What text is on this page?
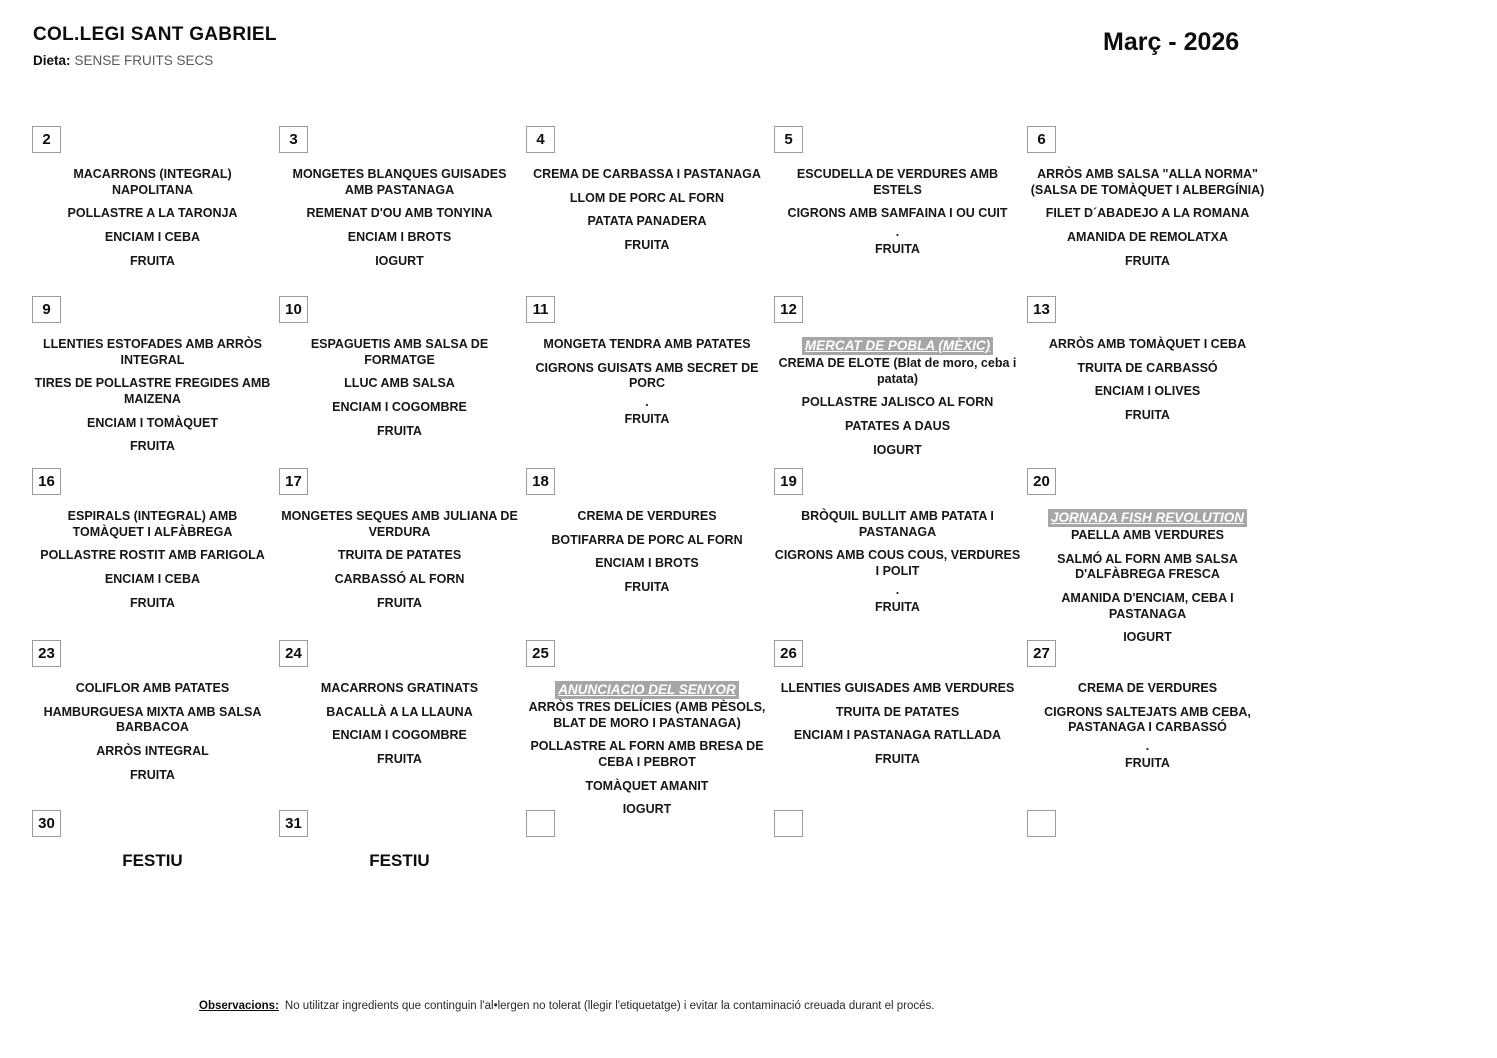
COL.LEGI SANT GABRIEL
Dieta: SENSE FRUITS SECS
Març - 2026
2
MACARRONS (INTEGRAL) NAPOLITANA
POLLASTRE A LA TARONJA
ENCIAM I CEBA
FRUITA
3
MONGETES BLANQUES GUISADES AMB PASTANAGA
REMENAT D'OU AMB TONYINA
ENCIAM I BROTS
IOGURT
4
CREMA DE CARBASSA I PASTANAGA
LLOM DE PORC AL FORN
PATATA PANADERA
FRUITA
5
ESCUDELLA DE VERDURES AMB ESTELS
CIGRONS AMB SAMFAINA I OU CUIT
.
FRUITA
6
ARRÒS AMB SALSA "ALLA NORMA" (SALSA DE TOMÀQUET I ALBERGÍNIA)
FILET D´ABADEJO A LA ROMANA
AMANIDA DE REMOLATXA
FRUITA
9
LLENTIES ESTOFADES AMB ARRÒS INTEGRAL
TIRES DE POLLASTRE FREGIDES AMB MAIZENA
ENCIAM I TOMÀQUET
FRUITA
10
ESPAGUETIS AMB SALSA DE FORMATGE
LLUC AMB SALSA
ENCIAM I COGOMBRE
FRUITA
11
MONGETA TENDRA AMB PATATES
CIGRONS GUISATS AMB SECRET DE PORC
.
FRUITA
12
MERCAT DE POBLA (MÈXIC)
CREMA DE ELOTE (Blat de moro, ceba i patata)
POLLASTRE JALISCO AL FORN
PATATES A DAUS
IOGURT
13
ARRÒS AMB TOMÀQUET I CEBA
TRUITA DE CARBASSÓ
ENCIAM I OLIVES
FRUITA
16
ESPIRALS (INTEGRAL) AMB TOMÀQUET I ALFÀBREGA
POLLASTRE ROSTIT AMB FARIGOLA
ENCIAM I CEBA
FRUITA
17
MONGETES SEQUES AMB JULIANA DE VERDURA
TRUITA DE PATATES
CARBASSÓ AL FORN
FRUITA
18
CREMA DE VERDURES
BOTIFARRA DE PORC AL FORN
ENCIAM I BROTS
FRUITA
19
BRÒQUIL BULLIT AMB PATATA I PASTANAGA
CIGRONS AMB COUS COUS, VERDURES I POLIT
.
FRUITA
20
JORNADA FISH REVOLUTION
PAELLA AMB VERDURES
SALMÓ AL FORN AMB SALSA D'ALFÀBREGA FRESCA
AMANIDA D'ENCIAM, CEBA I PASTANAGA
IOGURT
23
COLIFLOR AMB PATATES
HAMBURGUESA MIXTA AMB SALSA BARBACOA
ARRÒS INTEGRAL
FRUITA
24
MACARRONS GRATINATS
BACALLÀ A LA LLAUNA
ENCIAM I COGOMBRE
FRUITA
25
ANUNCIACIO DEL SENYOR
ARRÒS TRES DELÍCIES (AMB PÈSOLS, BLAT DE MORO I PASTANAGA)
POLLASTRE AL FORN AMB BRESA DE CEBA I PEBROT
TOMÀQUET AMANIT
IOGURT
26
LLENTIES GUISADES AMB VERDURES
TRUITA DE PATATES
ENCIAM I PASTANAGA RATLLADA
FRUITA
27
CREMA DE VERDURES
CIGRONS SALTEJATS AMB CEBA, PASTANAGA I CARBASSÓ
.
FRUITA
30
FESTIU
31
FESTIU
Observacions: No utilitzar ingredients que continguin l'al•lergen no tolerat (llegir l'etiquetatge) i evitar la contaminació creuada durant el procés.
